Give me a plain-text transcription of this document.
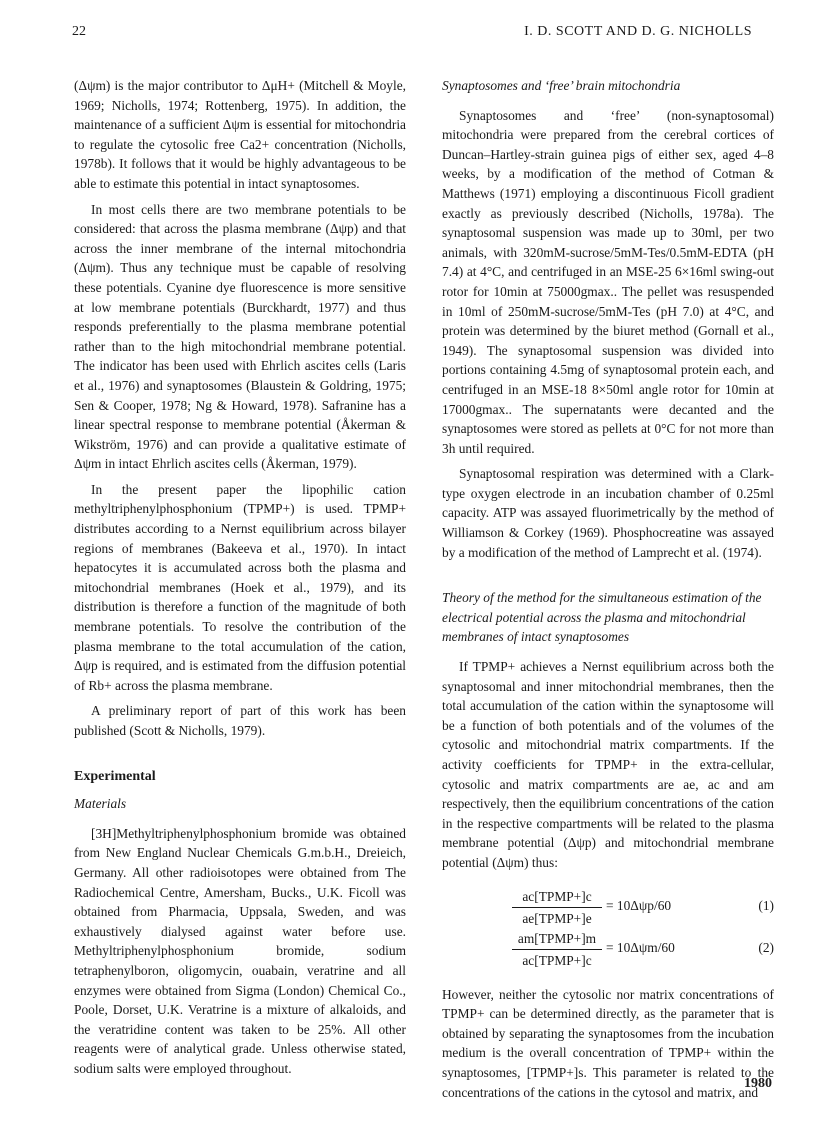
22	I. D. SCOTT AND D. G. NICHOLLS

(Δψm) is the major contributor to ΔμH+ (Mitchell & Moyle, 1969; Nicholls, 1974; Rottenberg, 1975). In addition, the maintenance of a sufficient Δψm is essential for mitochondria to regulate the cytosolic free Ca2+ concentration (Nicholls, 1978b). It follows that it would be highly advantageous to be able to estimate this potential in intact synaptosomes.

In most cells there are two membrane potentials to be considered: that across the plasma membrane (Δψp) and that across the inner membrane of the internal mitochondria (Δψm). Thus any technique must be capable of resolving these potentials. Cyanine dye fluorescence is more sensitive at low membrane potentials (Burckhardt, 1977) and thus responds preferentially to the plasma membrane potential rather than to the high mitochondrial membrane potential. The indicator has been used with Ehrlich ascites cells (Laris et al., 1976) and synaptosomes (Blaustein & Goldring, 1975; Sen & Cooper, 1978; Ng & Howard, 1978). Safranine has a linear spectral response to membrane potential (Åkerman & Wikström, 1976) and can provide a qualitative estimate of Δψm in intact Ehrlich ascites cells (Åkerman, 1979).

In the present paper the lipophilic cation methyltriphenylphosphonium (TPMP+) is used. TPMP+ distributes according to a Nernst equilibrium across bilayer regions of membranes (Bakeeva et al., 1970). In intact hepatocytes it is accumulated across both the plasma and mitochondrial membranes (Hoek et al., 1979), and its distribution is therefore a function of the magnitude of both membrane potentials. To resolve the contribution of the plasma membrane to the total accumulation of the cation, Δψp is required, and is estimated from the diffusion potential of Rb+ across the plasma membrane.

A preliminary report of part of this work has been published (Scott & Nicholls, 1979).

Experimental
Materials

[3H]Methyltriphenylphosphonium bromide was obtained from New England Nuclear Chemicals G.m.b.H., Dreieich, Germany. All other radioisotopes were obtained from The Radiochemical Centre, Amersham, Bucks., U.K. Ficoll was obtained from Pharmacia, Uppsala, Sweden, and was exhaustively dialysed against water before use. Methyltriphenylphosphonium bromide, sodium tetraphenylboron, oligomycin, ouabain, veratrine and all enzymes were obtained from Sigma (London) Chemical Co., Poole, Dorset, U.K. Veratrine is a mixture of alkaloids, and the veratridine content was taken to be 25%. All other reagents were of analytical grade. Unless otherwise stated, sodium salts were employed throughout.

Synaptosomes and ‘free’ brain mitochondria

Synaptosomes and ‘free’ (non-synaptosomal) mitochondria were prepared from the cerebral cortices of Duncan–Hartley-strain guinea pigs of either sex, aged 4–8 weeks, by a modification of the method of Cotman & Matthews (1971) employing a discontinuous Ficoll gradient exactly as previously described (Nicholls, 1978a). The synaptosomal suspension was made up to 30ml, per two animals, with 320mM-sucrose/5mM-Tes/0.5mM-EDTA (pH 7.4) at 4°C, and centrifuged in an MSE-25 6×16ml swing-out rotor for 10min at 75000gmax.. The pellet was resuspended in 10ml of 250mM-sucrose/5mM-Tes (pH 7.0) at 4°C, and protein was determined by the biuret method (Gornall et al., 1949). The synaptosomal suspension was divided into portions containing 4.5mg of synaptosomal protein each, and centrifuged in an MSE-18 8×50ml angle rotor for 10min at 17000gmax.. The supernatants were decanted and the synaptosomes were stored as pellets at 0°C for not more than 3h until required.

Synaptosomal respiration was determined with a Clark-type oxygen electrode in an incubation chamber of 0.25ml capacity. ATP was assayed fluorimetrically by the method of Williamson & Corkey (1969). Phosphocreatine was assayed by a modification of the method of Lamprecht et al. (1974).

Theory of the method for the simultaneous estimation of the electrical potential across the plasma and mitochondrial membranes of intact synaptosomes

If TPMP+ achieves a Nernst equilibrium across both the synaptosomal and inner mitochondrial membranes, then the total accumulation of the cation within the synaptosome will be a function of both potentials and of the volumes of the cytosolic and mitochondrial matrix compartments. If the activity coefficients for TPMP+ in the extra-cellular, cytosolic and matrix compartments are ae, ac and am respectively, then the equilibrium concentrations of the cation in the respective compartments will be related to the plasma membrane potential (Δψp) and mitochondrial membrane potential (Δψm) thus:

ac[TPMP+]c
ae[TPMP+]e
= 10Δψp/60	(1)
am[TPMP+]m
ac[TPMP+]c
= 10Δψm/60	(2)

However, neither the cytosolic nor matrix concentrations of TPMP+ can be determined directly, as the parameter that is obtained by separating the synaptosomes from the incubation medium is the overall concentration of TPMP+ within the synaptosomes, [TPMP+]s. This parameter is related to the concentrations of the cations in the cytosol and matrix, and

1980
